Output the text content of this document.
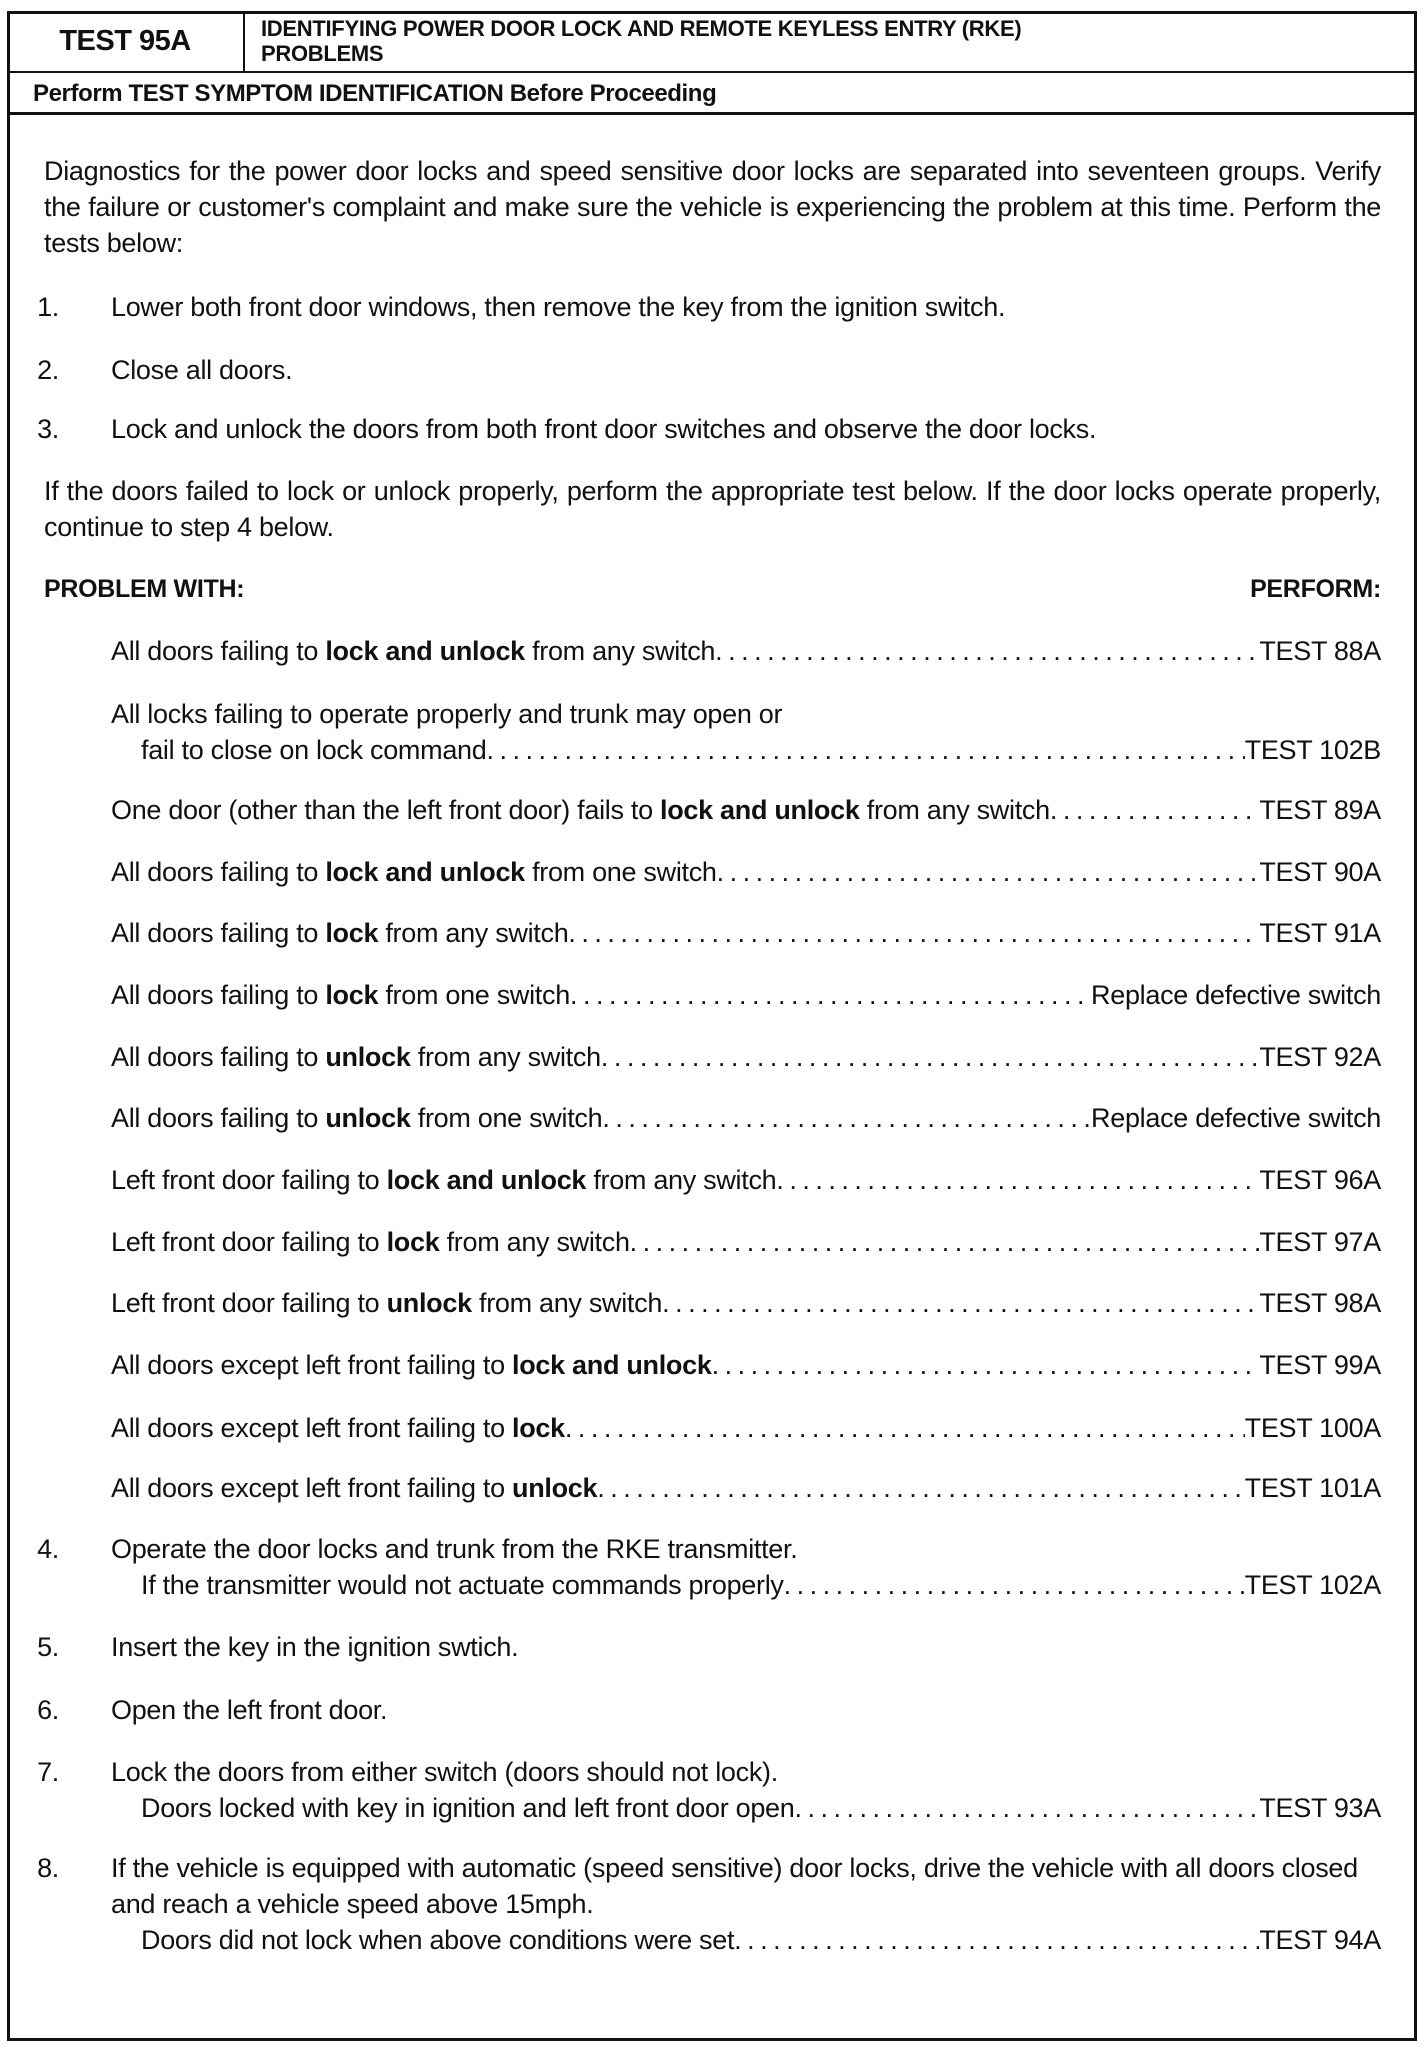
TEST 95A	IDENTIFYING POWER DOOR LOCK AND REMOTE KEYLESS ENTRY (RKE)
PROBLEMS
Perform TEST SYMPTOM IDENTIFICATION Before Proceeding
Diagnostics for the power door locks and speed sensitive door locks are separated into seventeen groups. Verify the failure or customer's complaint and make sure the vehicle is experiencing the problem at this time. Perform the tests below:
1. Lower both front door windows, then remove the key from the ignition switch.
2. Close all doors.
3. Lock and unlock the doors from both front door switches and observe the door locks.
If the doors failed to lock or unlock properly, perform the appropriate test below. If the door locks operate properly, continue to step 4 below.
PROBLEM WITH:	PERFORM:
All doors failing to lock and unlock from any switch . . .	TEST 88A
All locks failing to operate properly and trunk may open or
fail to close on lock command . . .	TEST 102B
One door (other than the left front door) fails to lock and unlock from any switch . . .	TEST 89A
All doors failing to lock and unlock from one switch . . .	TEST 90A
All doors failing to lock from any switch . . .	TEST 91A
All doors failing to lock from one switch . . .	Replace defective switch
All doors failing to unlock from any switch . . .	TEST 92A
All doors failing to unlock from one switch . . .	Replace defective switch
Left front door failing to lock and unlock from any switch . . .	TEST 96A
Left front door failing to lock from any switch . . .	TEST 97A
Left front door failing to unlock from any switch . . .	TEST 98A
All doors except left front failing to lock and unlock . . .	TEST 99A
All doors except left front failing to lock . . .	TEST 100A
All doors except left front failing to unlock . . .	TEST 101A
4. Operate the door locks and trunk from the RKE transmitter.
If the transmitter would not actuate commands properly . . .	TEST 102A
5. Insert the key in the ignition swtich.
6. Open the left front door.
7. Lock the doors from either switch (doors should not lock).
Doors locked with key in ignition and left front door open . . .	TEST 93A
8. If the vehicle is equipped with automatic (speed sensitive) door locks, drive the vehicle with all doors closed and reach a vehicle speed above 15mph.
Doors did not lock when above conditions were set . . .	TEST 94A
